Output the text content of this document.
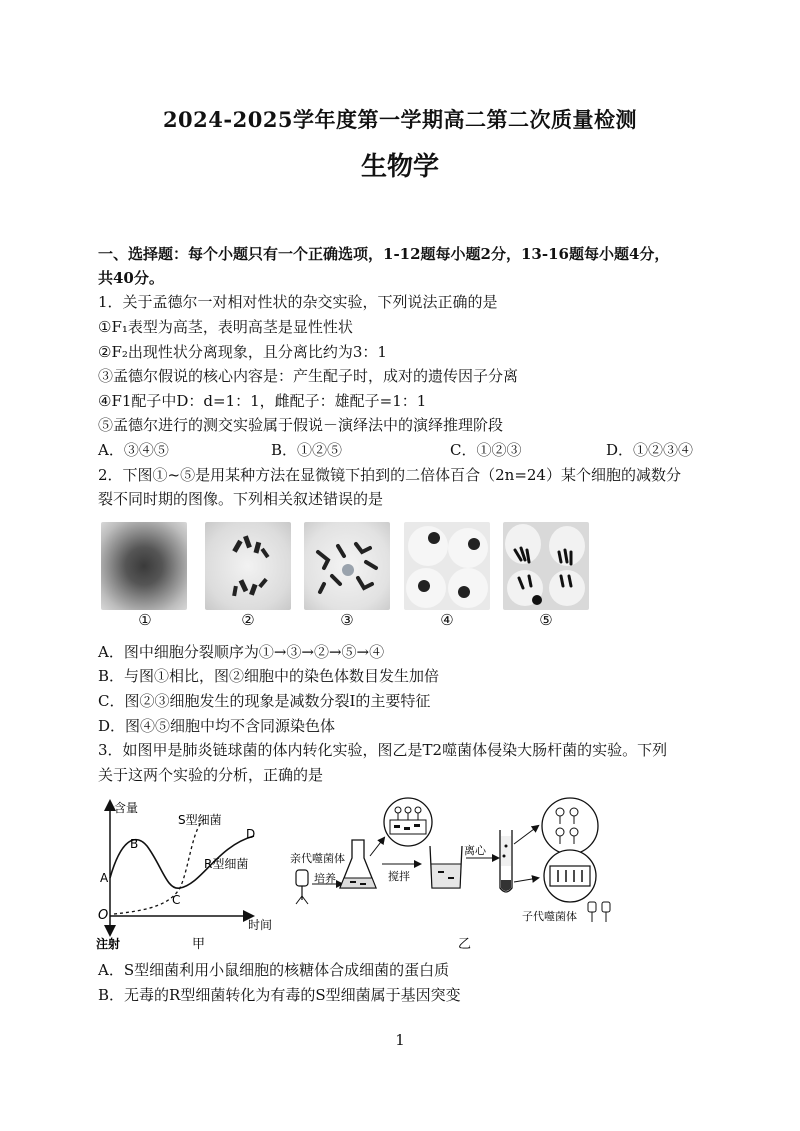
2024-2025学年度第一学期高二第二次质量检测
生物学
一、选择题：每个小题只有一个正确选项，1-12题每小题2分，13-16题每小题4分，
共40分。
1．关于孟德尔一对相对性状的杂交实验，下列说法正确的是
①F₁表型为高茎，表明高茎是显性性状
②F₂出现性状分离现象，且分离比约为3：1
③孟德尔假说的核心内容是：产生配子时，成对的遗传因子分离
④F1配子中D：d=1：1，雌配子：雄配子=1：1
⑤孟德尔进行的测交实验属于假说－演绎法中的演绎推理阶段
A．③④⑤	B．①②⑤	C．①②③	D．①②③④
2．下图①~⑤是用某种方法在显微镜下拍到的二倍体百合（2n=24）某个细胞的减数分
裂不同时期的图像。下列相关叙述错误的是
①	②	③	④	⑤
A．图中细胞分裂顺序为①→③→②→⑤→④
B．与图①相比，图②细胞中的染色体数目发生加倍
C．图②③细胞发生的现象是减数分裂Ⅰ的主要特征
D．图④⑤细胞中均不含同源染色体
3．如图甲是肺炎链球菌的体内转化实验，图乙是T2噬菌体侵染大肠杆菌的实验。下列
关于这两个实验的分析，正确的是
含量
时间
O
注射
S型细菌
R型细菌
A
B
C
D
甲
亲代噬菌体
培养	搅拌
离心
子代噬菌体
乙
A．S型细菌利用小鼠细胞的核糖体合成细菌的蛋白质
B．无毒的R型细菌转化为有毒的S型细菌属于基因突变
1
